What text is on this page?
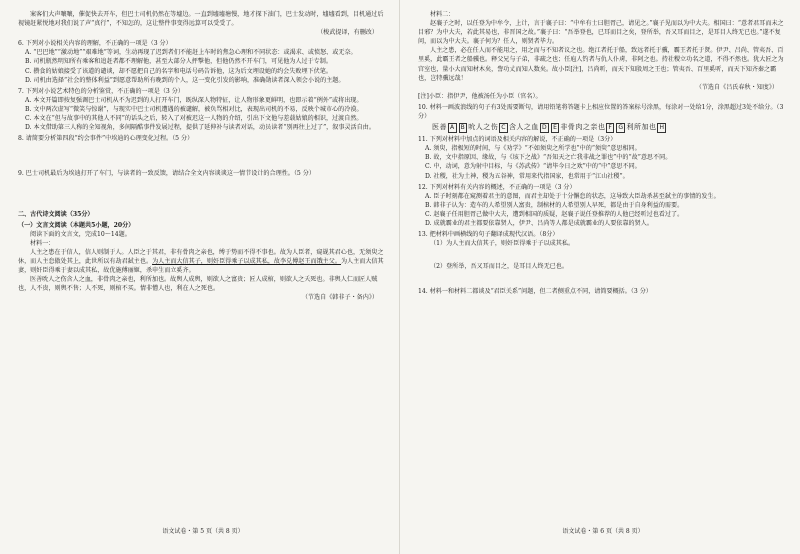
案客们大声嚷嚷，催促快去开车，但巴士司机仍然在等墟边。一直到墟墟塘慢，地才探下油门，巴士发动时，墟墟看到，目机通过后视镜赶紧悦地对我们说了声“真行”，不知怎的，这让整件事变得远算可以受受了。

（梭武提译，有删改）

6. 下列对小说相关内容的理解，不正确的一项是（3 分）

A. “巴巴地”“激动地”“艰难地”等词，生动再现了迟到者们不能赶上车时的焦急心理和不同状态：或渴求、或愤怒、或无奈。

B. 司机瓶然明知所有乘客和追赶者都不理解他，甚至大部分人抨撃他，但他仍然不开车门，可见他为人过于专制。

C. 攒食的姑娘接受了该道的谴谈，却不愿把自己的名字和电话号码告诉他，这为后文埋设她的约会失败埋下伏笔。

D. 司机由选择“社会的整体利益”到愿意帮助所有晚到的个人，这一变化引发的影响，准确勋读者深入领会小说的主题。

7. 下列对小说艺术特色的分析鉴赏，不正确的一项是（3 分）

A. 本文开篇即按复强调巴士司机从不为迟到的人打开车门，既纵深人物特征，让人物形象更鲜明，也即示着“例外”或将出现。

B. 文中两次虚写“微笑与惊谢”，与现实中巴士司机遭遇的被谴解，被负骂相对比，表现出司机的不易，反映个城市心的冷漠。

C. 本文在“但与故事中的其他人不同”的话头之后，转入了对被迟这一人物的介绍，引出下文他与差载姑娘的相识，过渡自然。

D. 本文借助第三人称的全知视角，多间隔酷事件发展过程，提供了延伸补与读者对话，动员读者“别再往上过了”，叙事灵活自由。

8. 请简要分析第四段“约会事件”中埃迪的心理变化过程。（5 分）

9. 巴士司机最后为埃迪打开了车门，与读者的一致反馈，请结合全文内容谈谈这一情节设计的合理性。（5 分）

二、古代诗文阅读（35分）

（一）文言文阅读（本题共5小题，20分）

阅读下面的文言文，完成10～14题。

材料一：

人主之患在于信人，信人则制于人。人臣之于其君，非有骨肉之亲也，缚于势而不得不事也。故为人臣者，窥觇其君心也，无须臾之休，而人主怠傲处其上，此世所以有劫君弑主也。为人主而大信其子，则奸臣得乘子以成其私，故李兑傅赵王而饿主父。为人主而大信其妻，则奸臣得乘于妻以成其私，故优施傅丽姬，杀申生而立奚齐。

医善吮人之伤含人之血，非骨肉之亲也，利所加也。故舆人成舆，则欲人之富贵；匠人成棺，则欲人之夭死也。非舆人仁而匠人贼也，人不贵，则舆不售；人不死，则棺不买。情非憎人也，利在人之死也。

（节选自《韩非子・备内》）

语文试卷・第 5 页（共 8 页）

材料二：

赵襄子之时，以任登为中牟令，上计，言于襄子曰：“中牟有士曰胆胥己，请见之。”襄子见而以为中大夫。相国曰：“意者君耳而未之目邪？为中大夫，若此其易也，非晋国之故。”襄子曰：“吾举登也，已耳而目之矣，登所举，吾又耳而目之，是耳目人终无已也。”遂不复问，而以为中大夫。襄子何为？任人，则贤者毕力。

人主之患，必在任人而不能用之，用之而与不知者议之也。绝江者托于船，致远者托于骥，霸王者托于贤。伊尹、吕尚、管夷吾、百里奚，此霸王者之船骥也。释父兄与子弟，非疏之也；任庖人钓者与仇人仆虏，非阿之也。持社稷立功名之道，不得不然也。犹大匠之为宫室也，量小大而知材木矣，訾功丈而知人数矣。故小臣[注]，吕尚听，而天下知殷周之王也；管夷吾、百里奚听，而天下知齐秦之霸也，岂特骥远哉！

（节选自《吕氏春秋・知度》）

[注]小臣：指伊尹，他被汤任为小臣（官名）。

10. 材料一画波浪线的句子有3处需要断句，请用铅笔将答题卡上相应位置的答案标号涂黑，每涂对一处给1分，涂黑超过3处不给分。（3分）

医善 A B 吮人之伤 C 含人之血 D E 非骨肉之亲也 F G 利所加也 H

11. 下列对材料中加点的词语及相关内容的解说，不正确的一项是（3分）

A. 须臾，指极短的时间，与《劝学》“不如须臾之所学也”中的“须臾”意思相同。

B. 故，文中指原因、缘故，与《垓下之战》“吾知天之亡我非战之罪也”中的“故”意思不同。

C. 中，动词，意为射中目标，与《苏武传》“请毕今日之欢”中的“中”意思不同。

D. 社稷，社为土神，稷为五谷神，常用来代指国家，也常用于“江山社稷”。

12. 下列对材料有关内容的概述，不正确的一项是（3 分）

A. 臣子时刻都在窥测着君主的意图，而君主却处于十分懈怠的状态，这导致大臣劫杀甚至弑主的事情的发生。

B. 韩非子认为：造车的人希望别人富贵，制棺材的人希望别人早死，都是由于自身利益的需要。

C. 赵襄子任用胆胥己做中大夫，遭到相国的质疑，赵襄子说任登推荐的人他已经听过也看过了。

D. 成就霸业的君主都要依靠贤人，伊尹、吕尚等人都是成就霸业的人要依靠的贤人。

13. 把材料中画横线的句子翻译成现代汉语。（8分）

（1）为人主而大信其子，则奸臣得乘于子以成其私。

（2）登所举，吾又耳而目之，是耳目人终无已也。

14. 材料一和材料二都谈及“君臣关系”问题，但二者侧重点不同，请简要概括。（3 分）

语文试卷・第 6 页（共 8 页）
